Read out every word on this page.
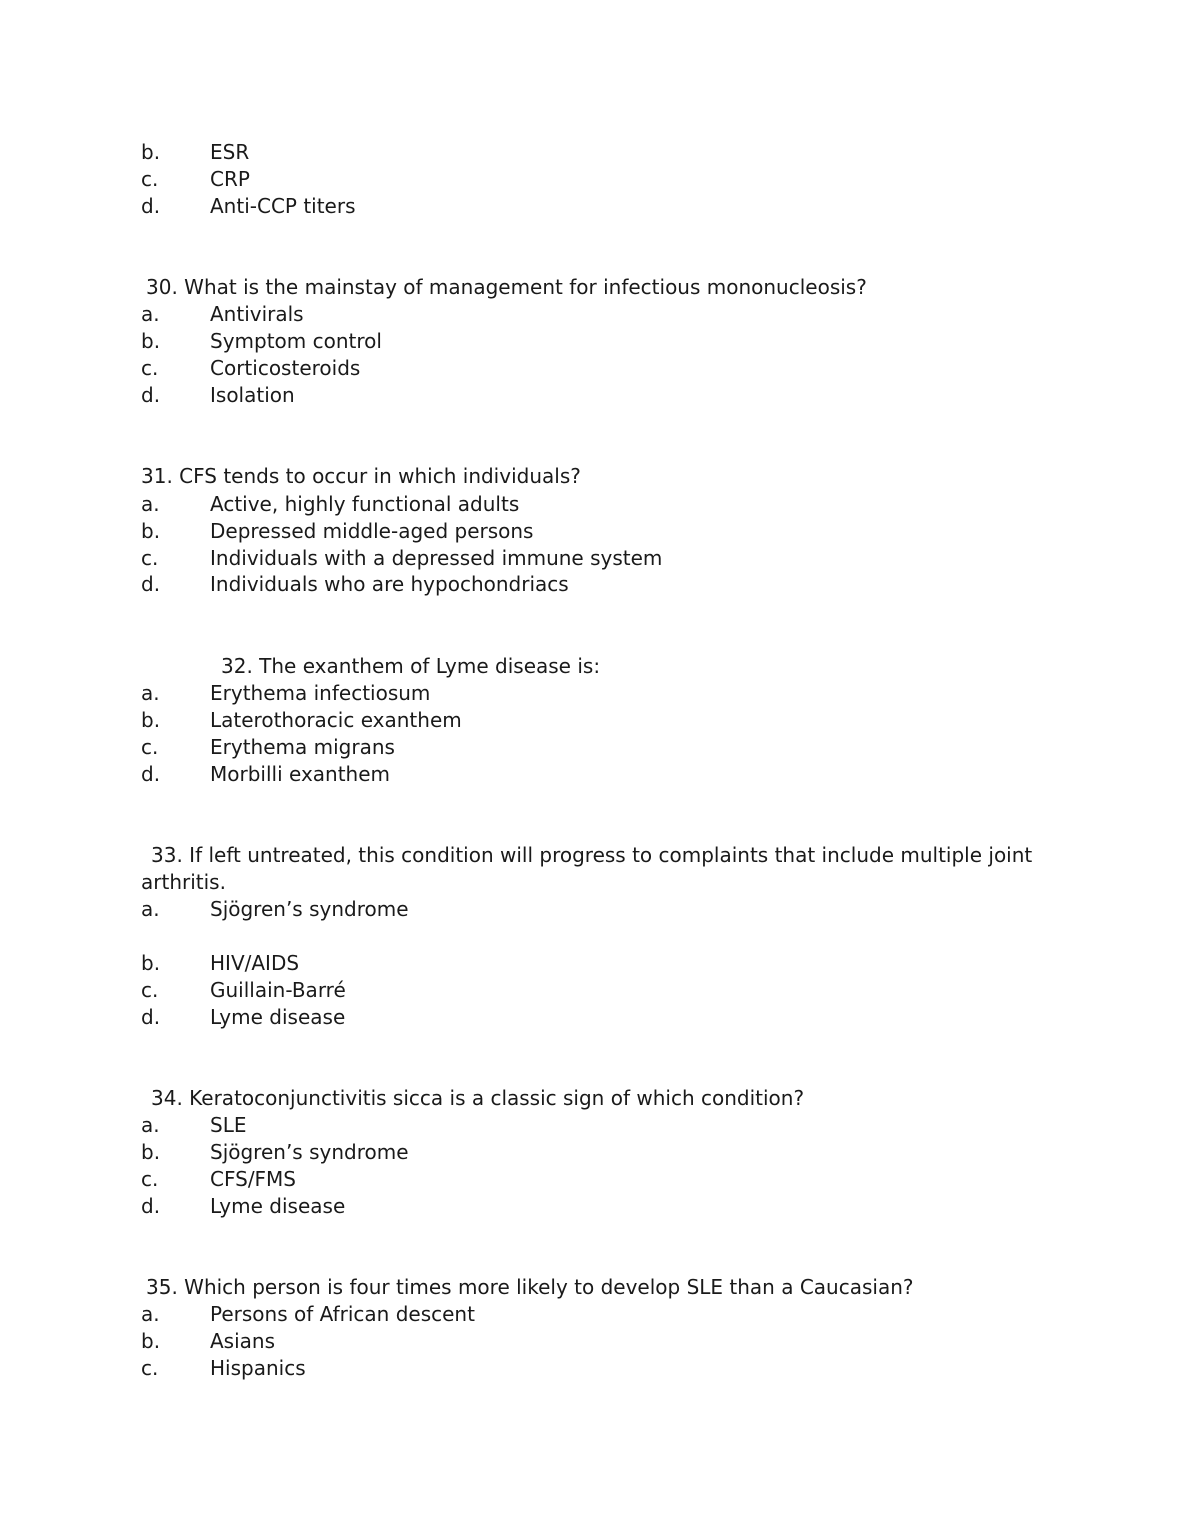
b. ESR
c.	CRP
d. Anti-CCP titers
30. What is the mainstay of management for infectious mononucleosis?
a.	Antivirals
b. Symptom control
c.	Corticosteroids
d. Isolation
31. CFS tends to occur in which individuals?
a.	Active, highly functional adults
b. Depressed middle-aged persons
c.	Individuals with a depressed immune system
d. Individuals who are hypochondriacs
32. The exanthem of Lyme disease is:
a.	Erythema infectiosum
b. Laterothoracic exanthem
c.	Erythema migrans
d. Morbilli exanthem
33. If left untreated, this condition will progress to complaints that include multiple joint
arthritis.
a.	Sjögren’s syndrome
b. HIV/AIDS
c.	Guillain-Barré
d. Lyme disease
34. Keratoconjunctivitis sicca is a classic sign of which condition?
a.	SLE
b. Sjögren’s syndrome
c.	CFS/FMS
d. Lyme disease
35. Which person is four times more likely to develop SLE than a Caucasian?
a.	Persons of African descent
b. Asians
c.	Hispanics
